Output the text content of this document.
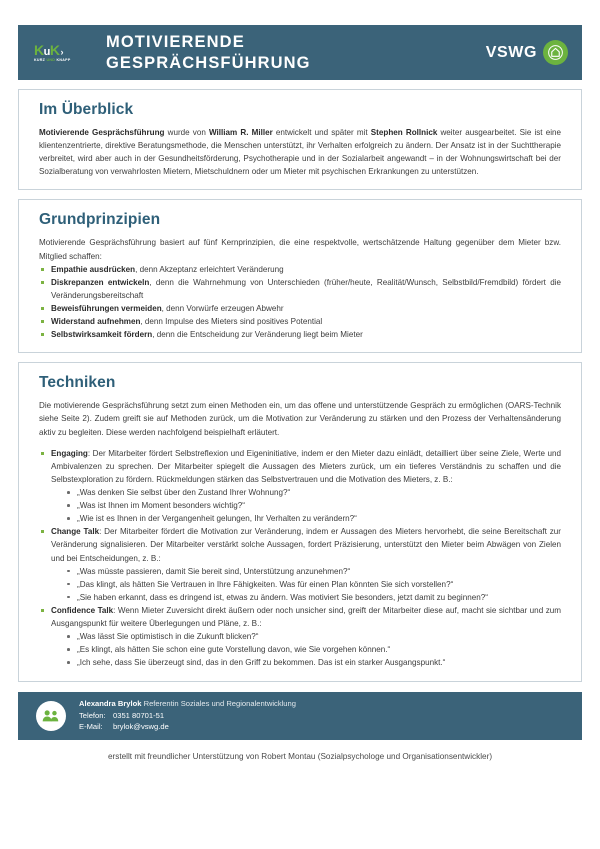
K u K ›
KURZ UND KNAPP
MOTIVIERENDE
GESPRÄCHSFÜHRUNG
VSWG
Im Überblick

Motivierende Gesprächsführung wurde von William R. Miller entwickelt und später mit Stephen Rollnick weiter ausgearbeitet. Sie ist eine klientenzentrierte, direktive Beratungsmethode, die Menschen unterstützt, ihr Verhalten erfolgreich zu ändern. Der Ansatz ist in der Suchttherapie verbreitet, wird aber auch in der Gesundheitsförderung, Psychotherapie und in der Sozialarbeit angewandt – in der Wohnungswirtschaft bei der Sozialberatung von verwahrlosten Mietern, Mietschuldnern oder um Mieter mit psychischen Erkrankungen zu unterstützen.

Grundprinzipien

Motivierende Gesprächsführung basiert auf fünf Kernprinzipien, die eine respektvolle, wertschätzende Haltung gegenüber dem Mieter bzw. Mitglied schaffen:

Empathie ausdrücken, denn Akzeptanz erleichtert Veränderung
Diskrepanzen entwickeln, denn die Wahrnehmung von Unterschieden (früher/heute, Realität/Wunsch, Selbstbild/Fremdbild) fördert die Veränderungsbereitschaft
Beweisführungen vermeiden, denn Vorwürfe erzeugen Abwehr
Widerstand aufnehmen, denn Impulse des Mieters sind positives Potential
Selbstwirksamkeit fördern, denn die Entscheidung zur Veränderung liegt beim Mieter
Techniken

Die motivierende Gesprächsführung setzt zum einen Methoden ein, um das offene und unterstützende Gespräch zu ermöglichen (OARS-Technik siehe Seite 2). Zudem greift sie auf Methoden zurück, um die Motivation zur Veränderung zu stärken und den Prozess der Verhaltensänderung aktiv zu begleiten. Diese werden nachfolgend beispielhaft erläutert.

Engaging: Der Mitarbeiter fördert Selbstreflexion und Eigeninitiative, indem er den Mieter dazu einlädt, detailliert über seine Ziele, Werte und Ambivalenzen zu sprechen. Der Mitarbeiter spiegelt die Aussagen des Mieters zurück, um ein tieferes Verständnis zu schaffen und die Selbstexploration zu fördern. Rückmeldungen stärken das Selbstvertrauen und die Motivation des Mieters, z. B.:
„Was denken Sie selbst über den Zustand Ihrer Wohnung?“
„Was ist Ihnen im Moment besonders wichtig?“
„Wie ist es Ihnen in der Vergangenheit gelungen, Ihr Verhalten zu verändern?“
Change Talk: Der Mitarbeiter fördert die Motivation zur Veränderung, indem er Aussagen des Mieters hervorhebt, die seine Bereitschaft zur Veränderung signalisieren. Der Mitarbeiter verstärkt solche Aussagen, fordert Präzisierung, unterstützt den Mieter beim Abwägen von Zielen und bei Entscheidungen, z. B.:
„Was müsste passieren, damit Sie bereit sind, Unterstützung anzunehmen?“
„Das klingt, als hätten Sie Vertrauen in Ihre Fähigkeiten. Was für einen Plan könnten Sie sich vorstellen?“
„Sie haben erkannt, dass es dringend ist, etwas zu ändern. Was motiviert Sie besonders, jetzt damit zu beginnen?“
Confidence Talk: Wenn Mieter Zuversicht direkt äußern oder noch unsicher sind, greift der Mitarbeiter diese auf, macht sie sichtbar und zum Ausgangspunkt für weitere Überlegungen und Pläne, z. B.:
„Was lässt Sie optimistisch in die Zukunft blicken?“
„Es klingt, als hätten Sie schon eine gute Vorstellung davon, wie Sie vorgehen können.“
„Ich sehe, dass Sie überzeugt sind, das in den Griff zu bekommen. Das ist ein starker Ausgangspunkt.“
Alexandra Brylok Referentin Soziales und Regionalentwicklung
Telefon: 0351 80701-51
E-Mail: brylok@vswg.de
erstellt mit freundlicher Unterstützung von Robert Montau (Sozialpsychologe und Organisationsentwickler)
